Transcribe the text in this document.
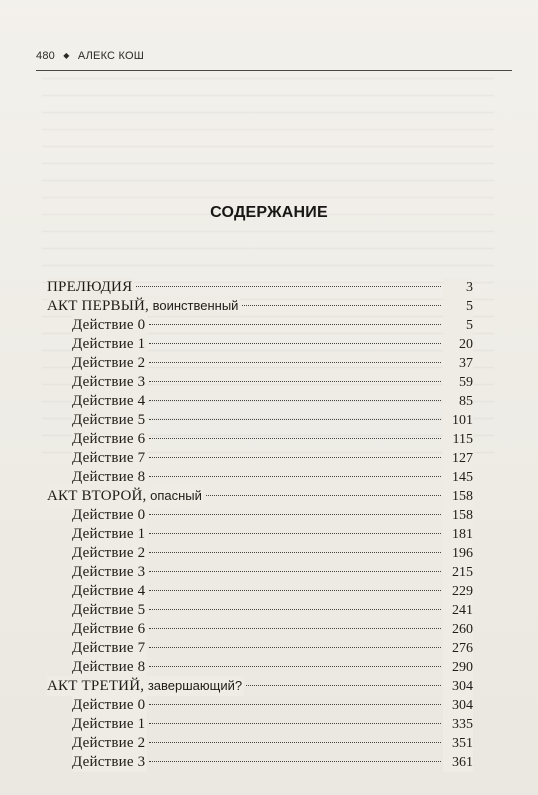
480 ◆ АЛЕКС КОШ
СОДЕРЖАНИЕ
ПРЕЛЮДИЯ	3
АКТ ПЕРВЫЙ, воинственный	5
Действие 0	5
Действие 1	20
Действие 2	37
Действие 3	59
Действие 4	85
Действие 5	101
Действие 6	115
Действие 7	127
Действие 8	145
АКТ ВТОРОЙ, опасный	158
Действие 0	158
Действие 1	181
Действие 2	196
Действие 3	215
Действие 4	229
Действие 5	241
Действие 6	260
Действие 7	276
Действие 8	290
АКТ ТРЕТИЙ, завершающий?	304
Действие 0	304
Действие 1	335
Действие 2	351
Действие 3	361
